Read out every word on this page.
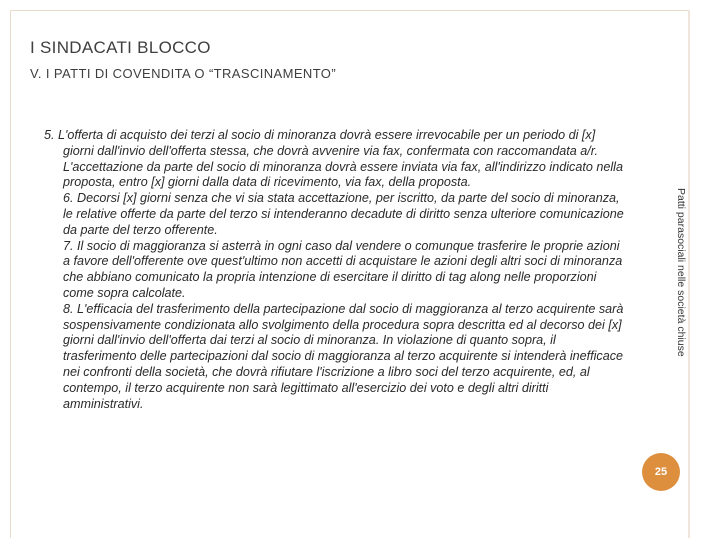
I SINDACATI BLOCCO
V. I PATTI DI COVENDITA O “TRASCINAMENTO”

5. L'offerta di acquisto dei terzi al socio di minoranza dovrà essere irrevocabile per un periodo di [x] giorni dall'invio dell'offerta stessa, che dovrà avvenire via fax, confermata con raccomandata a/r.

L'accettazione da parte del socio di minoranza dovrà essere inviata via fax, all'indirizzo indicato nella proposta, entro [x] giorni dalla data di ricevimento, via fax, della proposta.

6. Decorsi [x] giorni senza che vi sia stata accettazione, per iscritto, da parte del socio di minoranza, le relative offerte da parte del terzo si intenderanno decadute di diritto senza ulteriore comunicazione da parte del terzo offerente.

7. Il socio di maggioranza si asterrà in ogni caso dal vendere o comunque trasferire le proprie azioni a favore dell'offerente ove quest'ultimo non accetti di acquistare le azioni degli altri soci di minoranza che abbiano comunicato la propria intenzione di esercitare il diritto di tag along nelle proporzioni come sopra calcolate.

8. L'efficacia del trasferimento della partecipazione dal socio di maggioranza al terzo acquirente sarà sospensivamente condizionata allo svolgimento della procedura sopra descritta ed al decorso dei [x] giorni dall'invio dell'offerta dai terzi al socio di minoranza. In violazione di quanto sopra, il trasferimento delle partecipazioni dal socio di maggioranza al terzo acquirente si intenderà inefficace nei confronti della società, che dovrà rifiutare l'iscrizione a libro soci del terzo acquirente, ed, al contempo, il terzo acquirente non sarà legittimato all'esercizio dei voto e degli altri diritti amministrativi.

Patti parasociali nelle società chiuse
25
